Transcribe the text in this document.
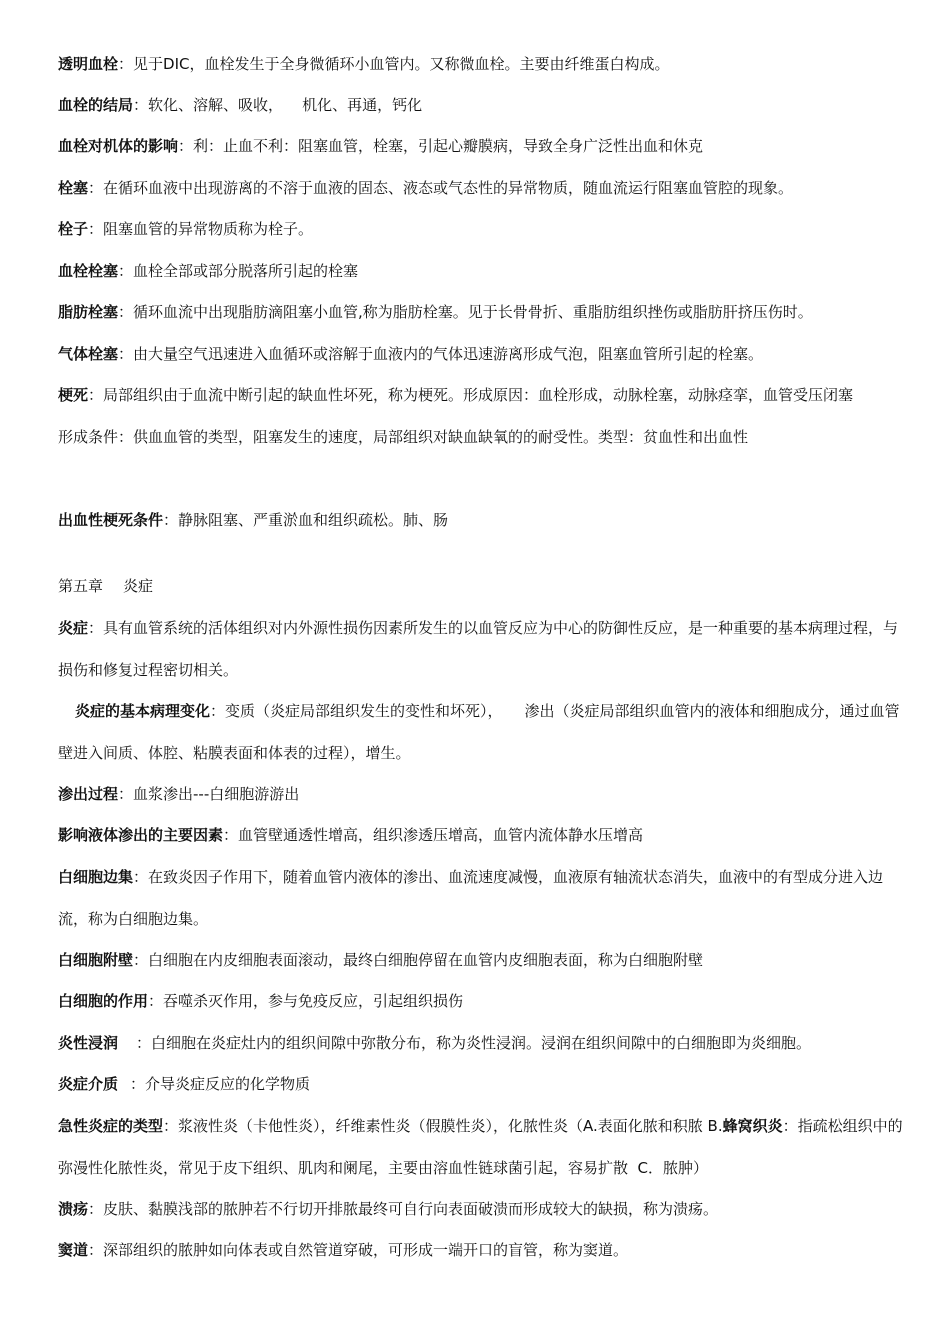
透明血栓：见于DIC，血栓发生于全身微循环小血管内。又称微血栓。主要由纤维蛋白构成。
血栓的结局：软化、溶解、吸收，    机化、再通，钙化
血栓对机体的影响：利：止血不利：阻塞血管，栓塞，引起心瓣膜病，导致全身广泛性出血和休克
栓塞：在循环血液中出现游离的不溶于血液的固态、液态或气态性的异常物质，随血流运行阻塞血管腔的现象。
栓子：阻塞血管的异常物质称为栓子。
血栓栓塞：血栓全部或部分脱落所引起的栓塞
脂肪栓塞：循环血流中出现脂肪滴阻塞小血管,称为脂肪栓塞。见于长骨骨折、重脂肪组织挫伤或脂肪肝挤压伤时。
气体栓塞：由大量空气迅速进入血循环或溶解于血液内的气体迅速游离形成气泡，阻塞血管所引起的栓塞。
梗死：局部组织由于血流中断引起的缺血性坏死，称为梗死。形成原因：血栓形成，动脉栓塞，动脉痉挛，血管受压闭塞形成条件：供血血管的类型，阻塞发生的速度，局部组织对缺血缺氧的的耐受性。类型：贫血性和出血性
出血性梗死条件：静脉阻塞、严重淤血和组织疏松。肺、肠
第五章 炎症
炎症：具有血管系统的活体组织对内外源性损伤因素所发生的以血管反应为中心的防御性反应，是一种重要的基本病理过程，与损伤和修复过程密切相关。
炎症的基本病理变化：变质（炎症局部组织发生的变性和坏死）， 渗出（炎症局部组织血管内的液体和细胞成分，通过血管壁进入间质、体腔、粘膜表面和体表的过程），增生。
渗出过程：血浆渗出---白细胞游游出
影响液体渗出的主要因素：血管壁通透性增高，组织渗透压增高，血管内流体静水压增高
白细胞边集：在致炎因子作用下，随着血管内液体的渗出、血流速度减慢，血液原有轴流状态消失，血液中的有型成分进入边流，称为白细胞边集。
白细胞附壁：白细胞在内皮细胞表面滚动，最终白细胞停留在血管内皮细胞表面，称为白细胞附壁
白细胞的作用：吞噬杀灭作用，参与免疫反应，引起组织损伤
炎性浸润 ：白细胞在炎症灶内的组织间隙中弥散分布，称为炎性浸润。浸润在组织间隙中的白细胞即为炎细胞。
炎症介质 ：介导炎症反应的化学物质
急性炎症的类型：浆液性炎（卡他性炎），纤维素性炎（假膜性炎），化脓性炎（A.表面化脓和积脓 B.蜂窝织炎：指疏松组织中的弥漫性化脓性炎，常见于皮下组织、肌肉和阑尾，主要由溶血性链球菌引起，容易扩散  C．脓肿）
溃疡：皮肤、黏膜浅部的脓肿若不行切开排脓最终可自行向表面破溃而形成较大的缺损，称为溃疡。
窦道：深部组织的脓肿如向体表或自然管道穿破，可形成一端开口的盲管，称为窦道。
